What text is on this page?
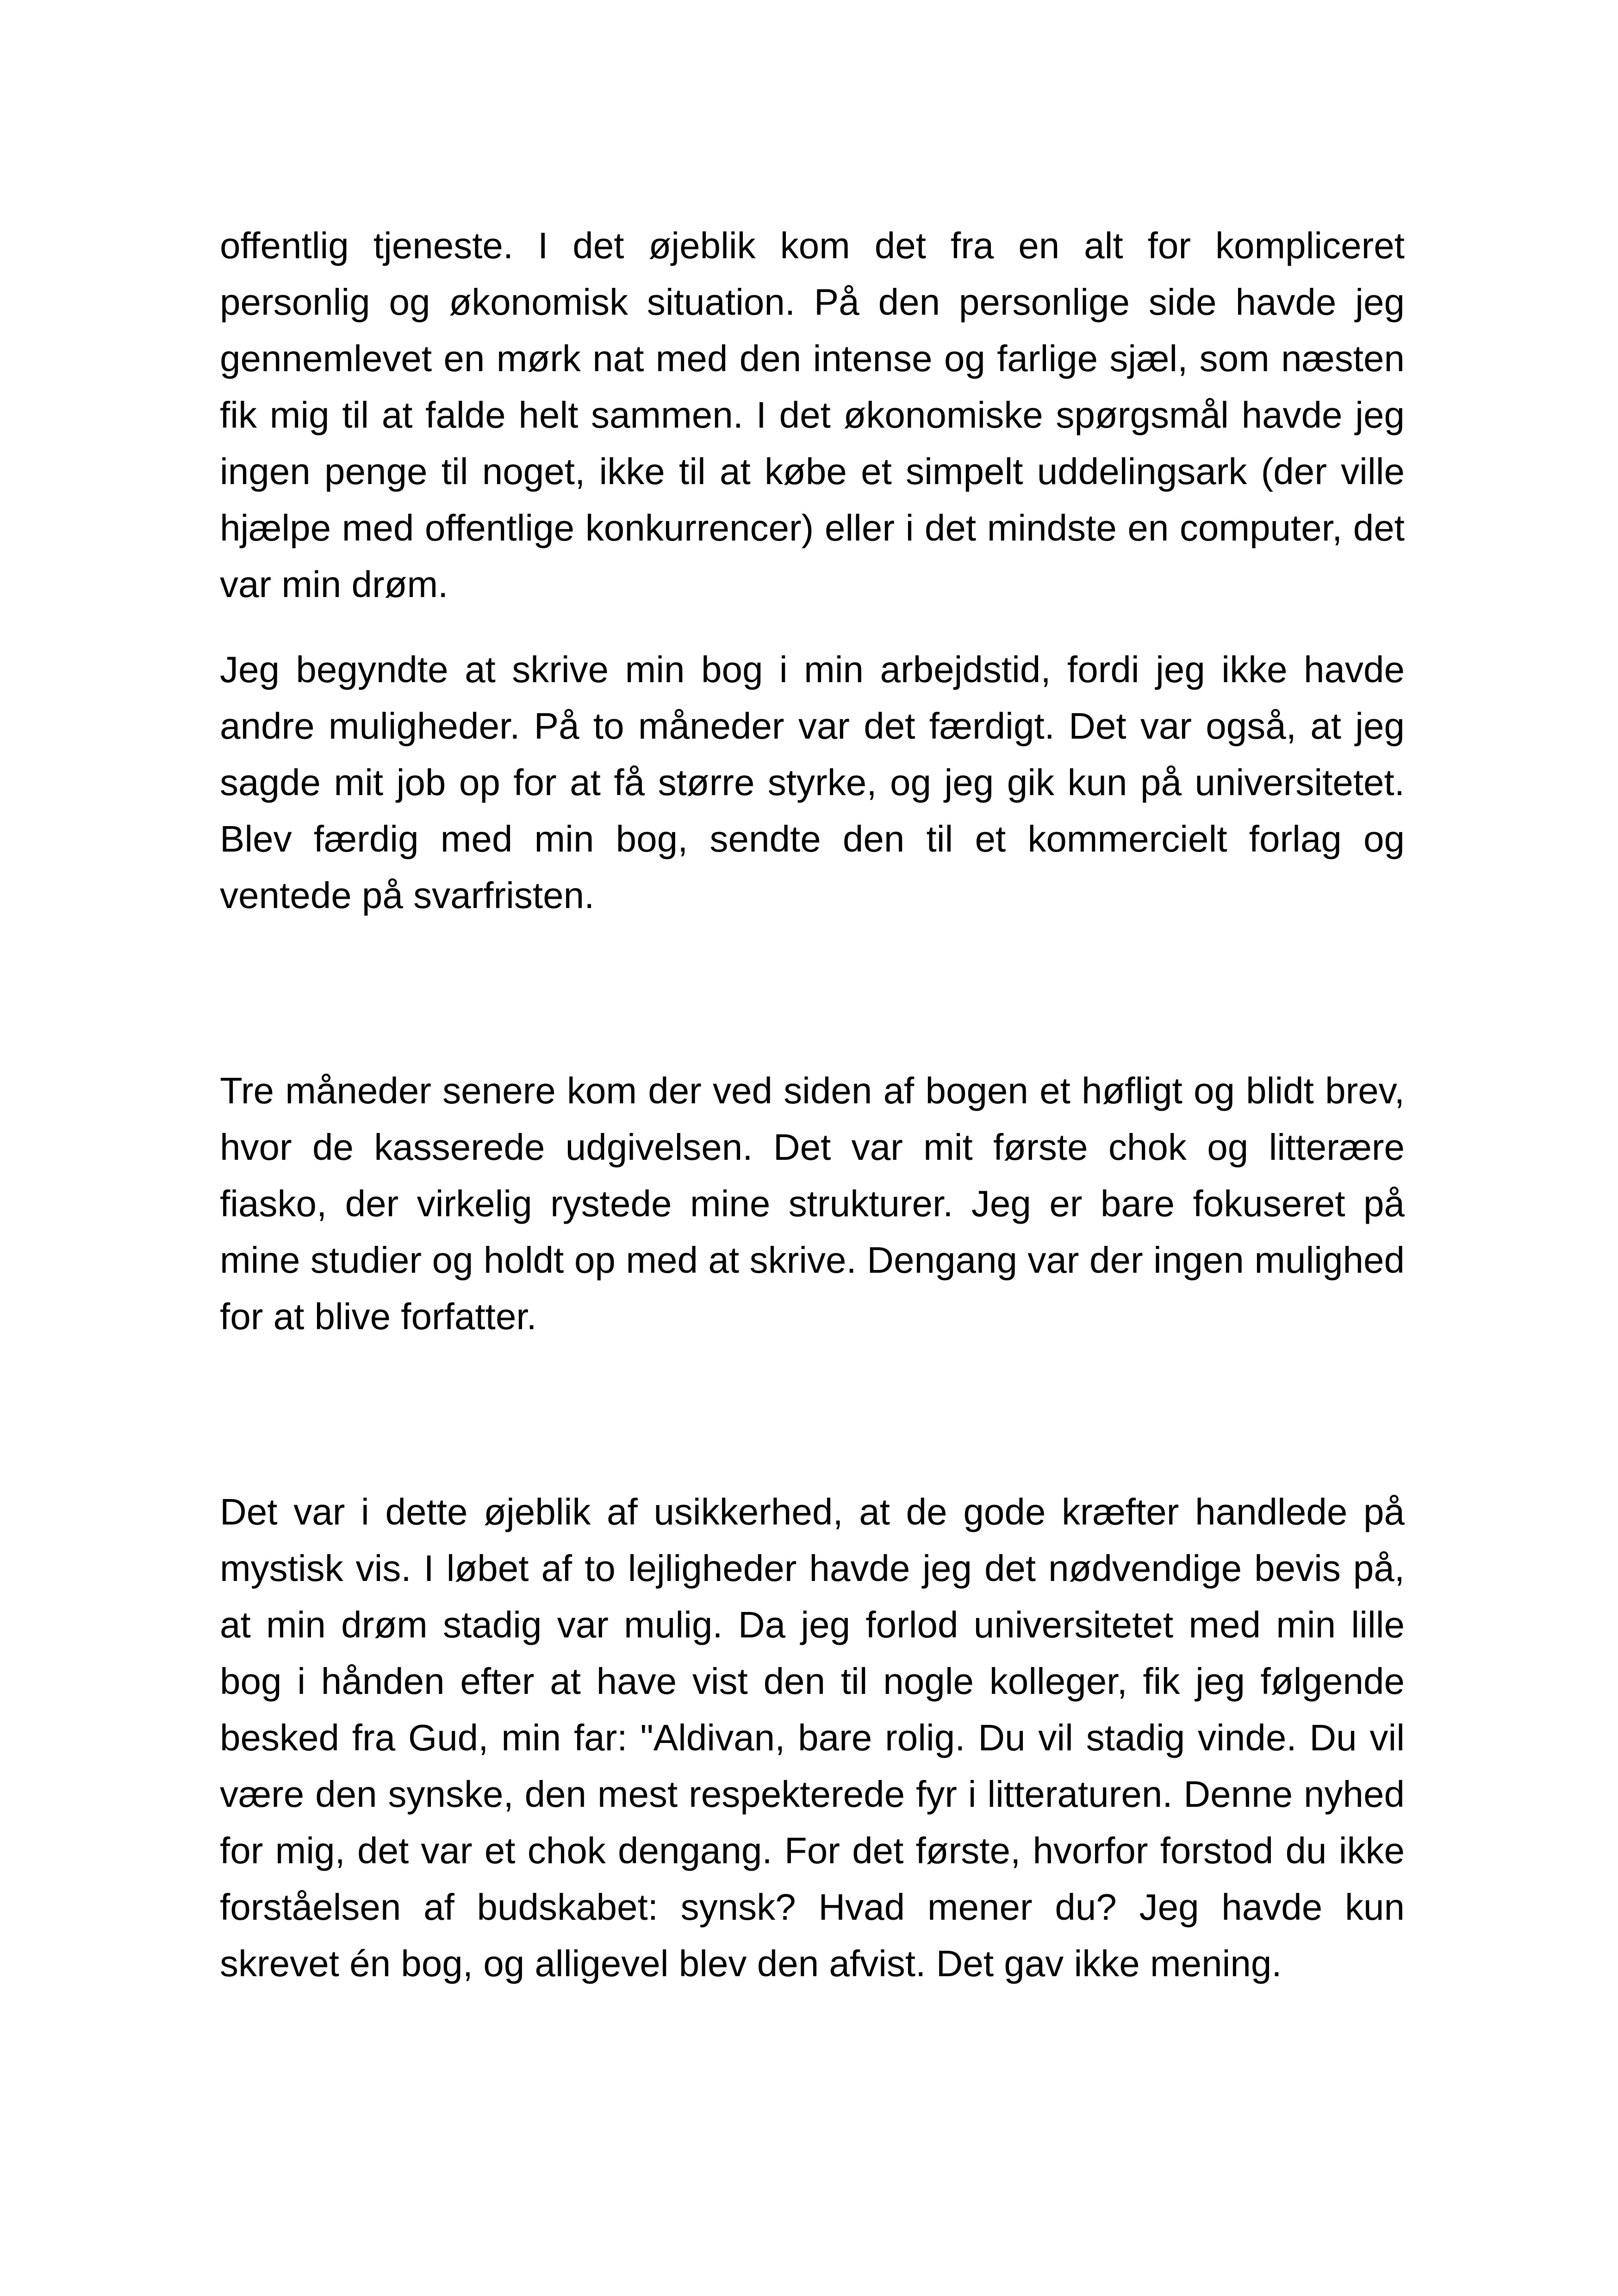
offentlig tjeneste. I det øjeblik kom det fra en alt for kompliceret personlig og økonomisk situation. På den personlige side havde jeg gennemlevet en mørk nat med den intense og farlige sjæl, som næsten fik mig til at falde helt sammen. I det økonomiske spørgsmål havde jeg ingen penge til noget, ikke til at købe et simpelt uddelingsark (der ville hjælpe med offentlige konkurrencer) eller i det mindste en computer, det var min drøm.

Jeg begyndte at skrive min bog i min arbejdstid, fordi jeg ikke havde andre muligheder. På to måneder var det færdigt. Det var også, at jeg sagde mit job op for at få større styrke, og jeg gik kun på universitetet. Blev færdig med min bog, sendte den til et kommercielt forlag og ventede på svarfristen.

Tre måneder senere kom der ved siden af bogen et høfligt og blidt brev, hvor de kasserede udgivelsen. Det var mit første chok og litterære fiasko, der virkelig rystede mine strukturer. Jeg er bare fokuseret på mine studier og holdt op med at skrive. Dengang var der ingen mulighed for at blive forfatter.

Det var i dette øjeblik af usikkerhed, at de gode kræfter handlede på mystisk vis. I løbet af to lejligheder havde jeg det nødvendige bevis på, at min drøm stadig var mulig. Da jeg forlod universitetet med min lille bog i hånden efter at have vist den til nogle kolleger, fik jeg følgende besked fra Gud, min far: "Aldivan, bare rolig. Du vil stadig vinde. Du vil være den synske, den mest respekterede fyr i litteraturen. Denne nyhed for mig, det var et chok dengang. For det første, hvorfor forstod du ikke forståelsen af budskabet: synsk? Hvad mener du? Jeg havde kun skrevet én bog, og alligevel blev den afvist. Det gav ikke mening.
